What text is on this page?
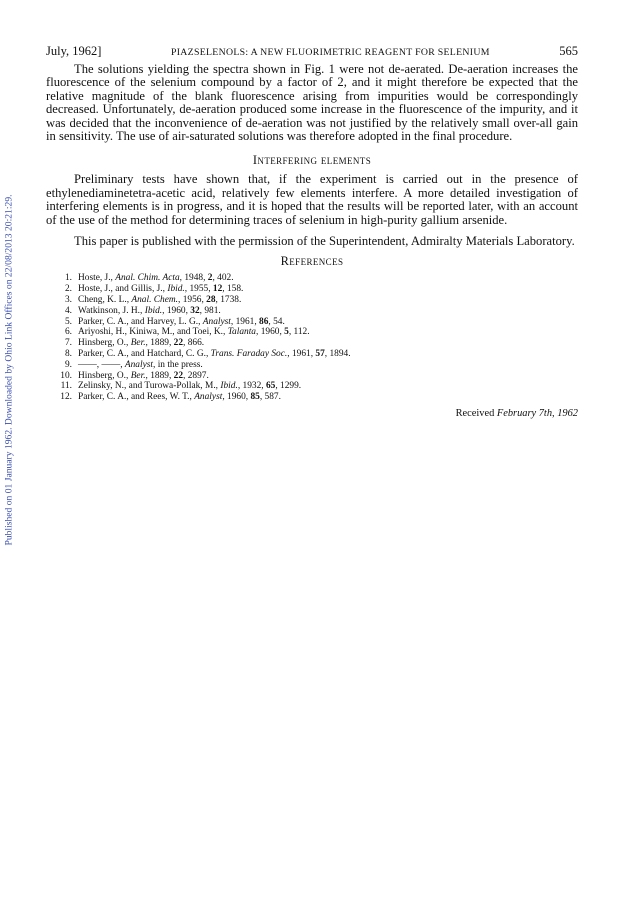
Published on 01 January 1962. Downloaded by Ohio Link Offices on 22/08/2013 20:21:29.
July, 1962]	PIAZSELENOLS: A NEW FLUORIMETRIC REAGENT FOR SELENIUM	565

The solutions yielding the spectra shown in Fig. 1 were not de-aerated. De-aeration increases the fluorescence of the selenium compound by a factor of 2, and it might therefore be expected that the relative magnitude of the blank fluorescence arising from impurities would be correspondingly decreased. Unfortunately, de-aeration produced some increase in the fluorescence of the impurity, and it was decided that the inconvenience of de-aeration was not justified by the relatively small over-all gain in sensitivity. The use of air-saturated solutions was therefore adopted in the final procedure.

Interfering elements

Preliminary tests have shown that, if the experiment is carried out in the presence of ethylenediaminetetra-acetic acid, relatively few elements interfere. A more detailed investigation of interfering elements is in progress, and it is hoped that the results will be reported later, with an account of the use of the method for determining traces of selenium in high-purity gallium arsenide.

This paper is published with the permission of the Superintendent, Admiralty Materials Laboratory.

References
1. Hoste, J., Anal. Chim. Acta, 1948, 2, 402.
2. Hoste, J., and Gillis, J., Ibid., 1955, 12, 158.
3. Cheng, K. L., Anal. Chem., 1956, 28, 1738.
4. Watkinson, J. H., Ibid., 1960, 32, 981.
5. Parker, C. A., and Harvey, L. G., Analyst, 1961, 86, 54.
6. Ariyoshi, H., Kiniwa, M., and Toei, K., Talanta, 1960, 5, 112.
7. Hinsberg, O., Ber., 1889, 22, 866.
8. Parker, C. A., and Hatchard, C. G., Trans. Faraday Soc., 1961, 57, 1894.
9. ——, ——, Analyst, in the press.
10. Hinsberg, O., Ber., 1889, 22, 2897.
11. Zelinsky, N., and Turowa-Pollak, M., Ibid., 1932, 65, 1299.
12. Parker, C. A., and Rees, W. T., Analyst, 1960, 85, 587.
Received February 7th, 1962
